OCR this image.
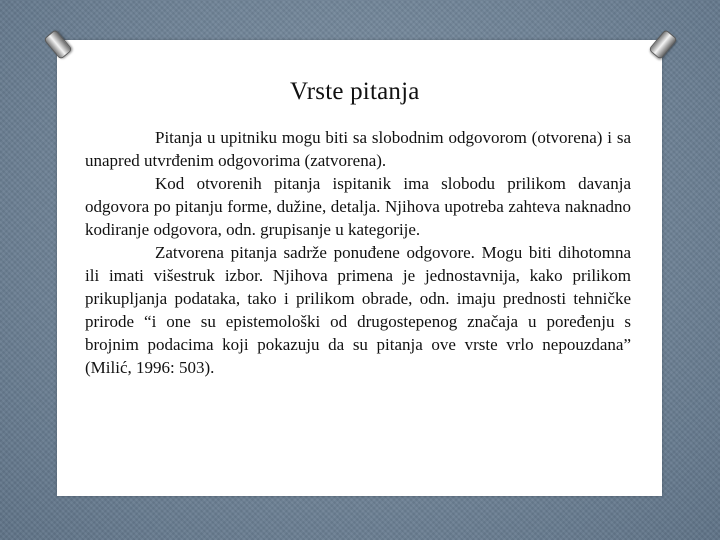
Vrste pitanja

Pitanja u upitniku mogu biti sa slobodnim odgovorom (otvorena) i sa unapred utvrđenim odgovorima (zatvorena).

Kod otvorenih pitanja ispitanik ima slobodu prilikom davanja odgovora po pitanju forme, dužine, detalja. Njihova upotreba zahteva naknadno kodiranje odgovora, odn. grupisanje u kategorije.

Zatvorena pitanja sadrže ponuđene odgovore. Mogu biti dihotomna ili imati višestruk izbor. Njihova primena je jednostavnija, kako prilikom prikupljanja podataka, tako i prilikom obrade, odn. imaju prednosti tehničke prirode “i one su epistemološki od drugostepenog značaja u poređenju s brojnim podacima koji pokazuju da su pitanja ove vrste vrlo nepouzdana” (Milić, 1996: 503).
